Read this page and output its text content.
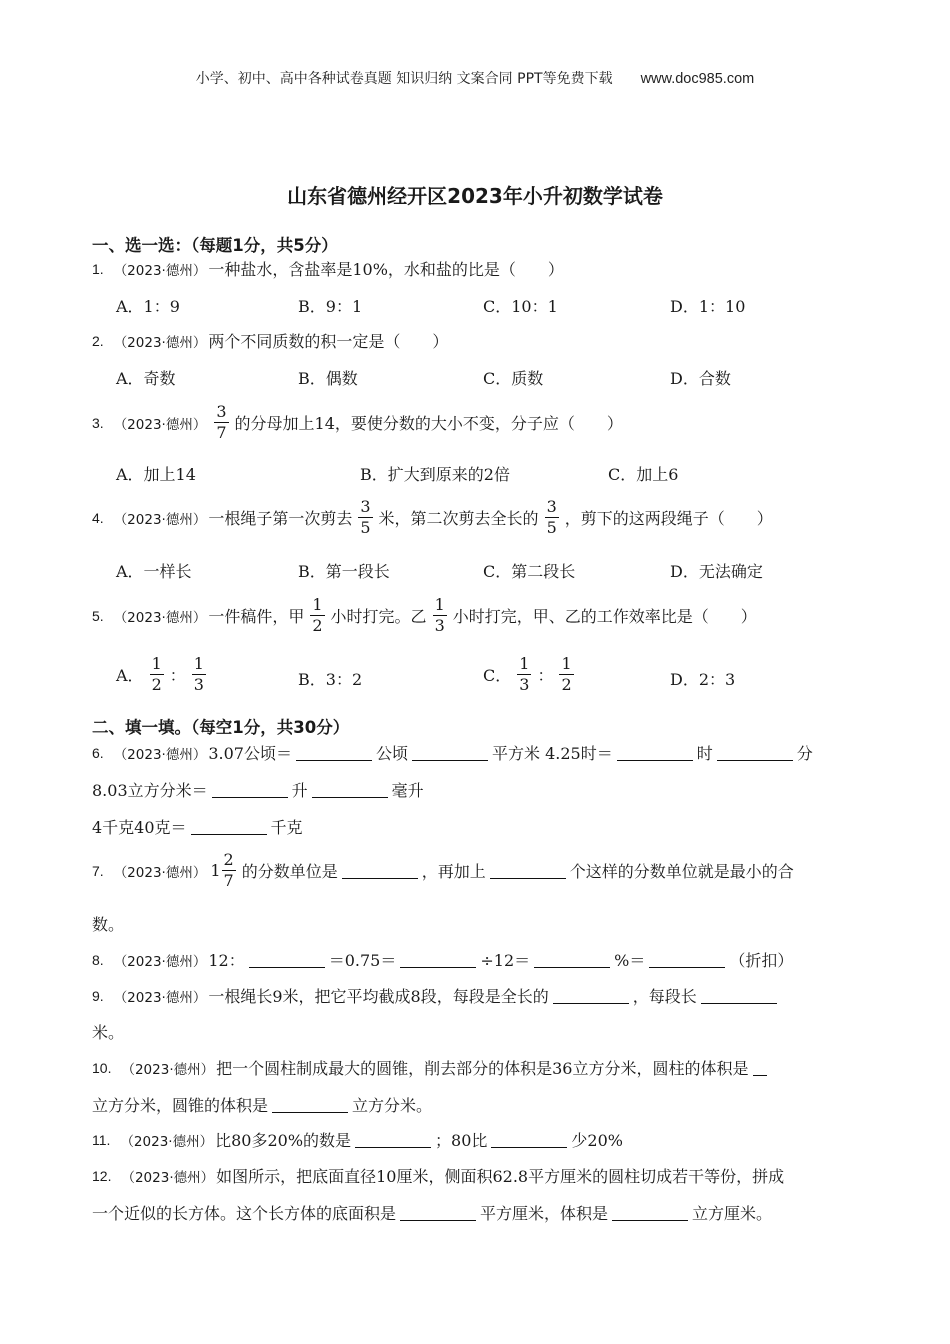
小学、初中、高中各种试卷真题 知识归纳 文案合同 PPT等免费下载 www.doc985.com
山东省德州经开区2023年小升初数学试卷
一、选一选：（每题1分，共5分）
1. （2023·德州） 一种盐水，含盐率是10%，水和盐的比是（　　）
A．1：9	B．9：1	C．10：1	D．1：10
2. （2023·德州） 两个不同质数的积一定是（　　）
A．奇数	B．偶数	C．质数	D．合数
3. （2023·德州） $\frac{3}{7}$ 的分母加上14，要使分数的大小不变，分子应（　　）
A．加上14	B．扩大到原来的2倍	C．加上6
4. （2023·德州） 一根绳子第一次剪去 $\frac{3}{5}$ 米，第二次剪去全长的 $\frac{3}{5}$ ，剪下的这两段绳子（　　）
A．一样长	B．第一段长	C．第二段长	D．无法确定
5. （2023·德州） 一件稿件，甲 $\frac{1}{2}$ 小时打完。乙 $\frac{1}{3}$ 小时打完，甲、乙的工作效率比是（　　）
A． $\frac{1}{2}$ ： $\frac{1}{3}$	B．3：2	C． $\frac{1}{3}$ ： $\frac{1}{2}$	D．2：3
二、填一填。（每空1分，共30分）
6. （2023·德州） 3.07公顷＝	公顷	平方米 4.25时＝	时	分
8.03立方分米＝	升	毫升
4千克40克＝	千克
7. （2023·德州） $1 \frac{2}{7}$ 的分数单位是	，再加上	个这样的分数单位就是最小的合
数。
8. （2023·德州） 12：	＝0.75＝	÷12＝	%＝	（折扣）
9. （2023·德州） 一根绳长9米，把它平均截成8段，每段是全长的	，每段长
米。
10. （2023·德州） 把一个圆柱制成最大的圆锥，削去部分的体积是36立方分米，圆柱的体积是
立方分米，圆锥的体积是	立方分米。
11. （2023·德州） 比80多20%的数是	；80比	少20%
12. （2023·德州） 如图所示，把底面直径10厘米，侧面积62.8平方厘米的圆柱切成若干等份，拼成
一个近似的长方体。这个长方体的底面积是	平方厘米，体积是	立方厘米。
